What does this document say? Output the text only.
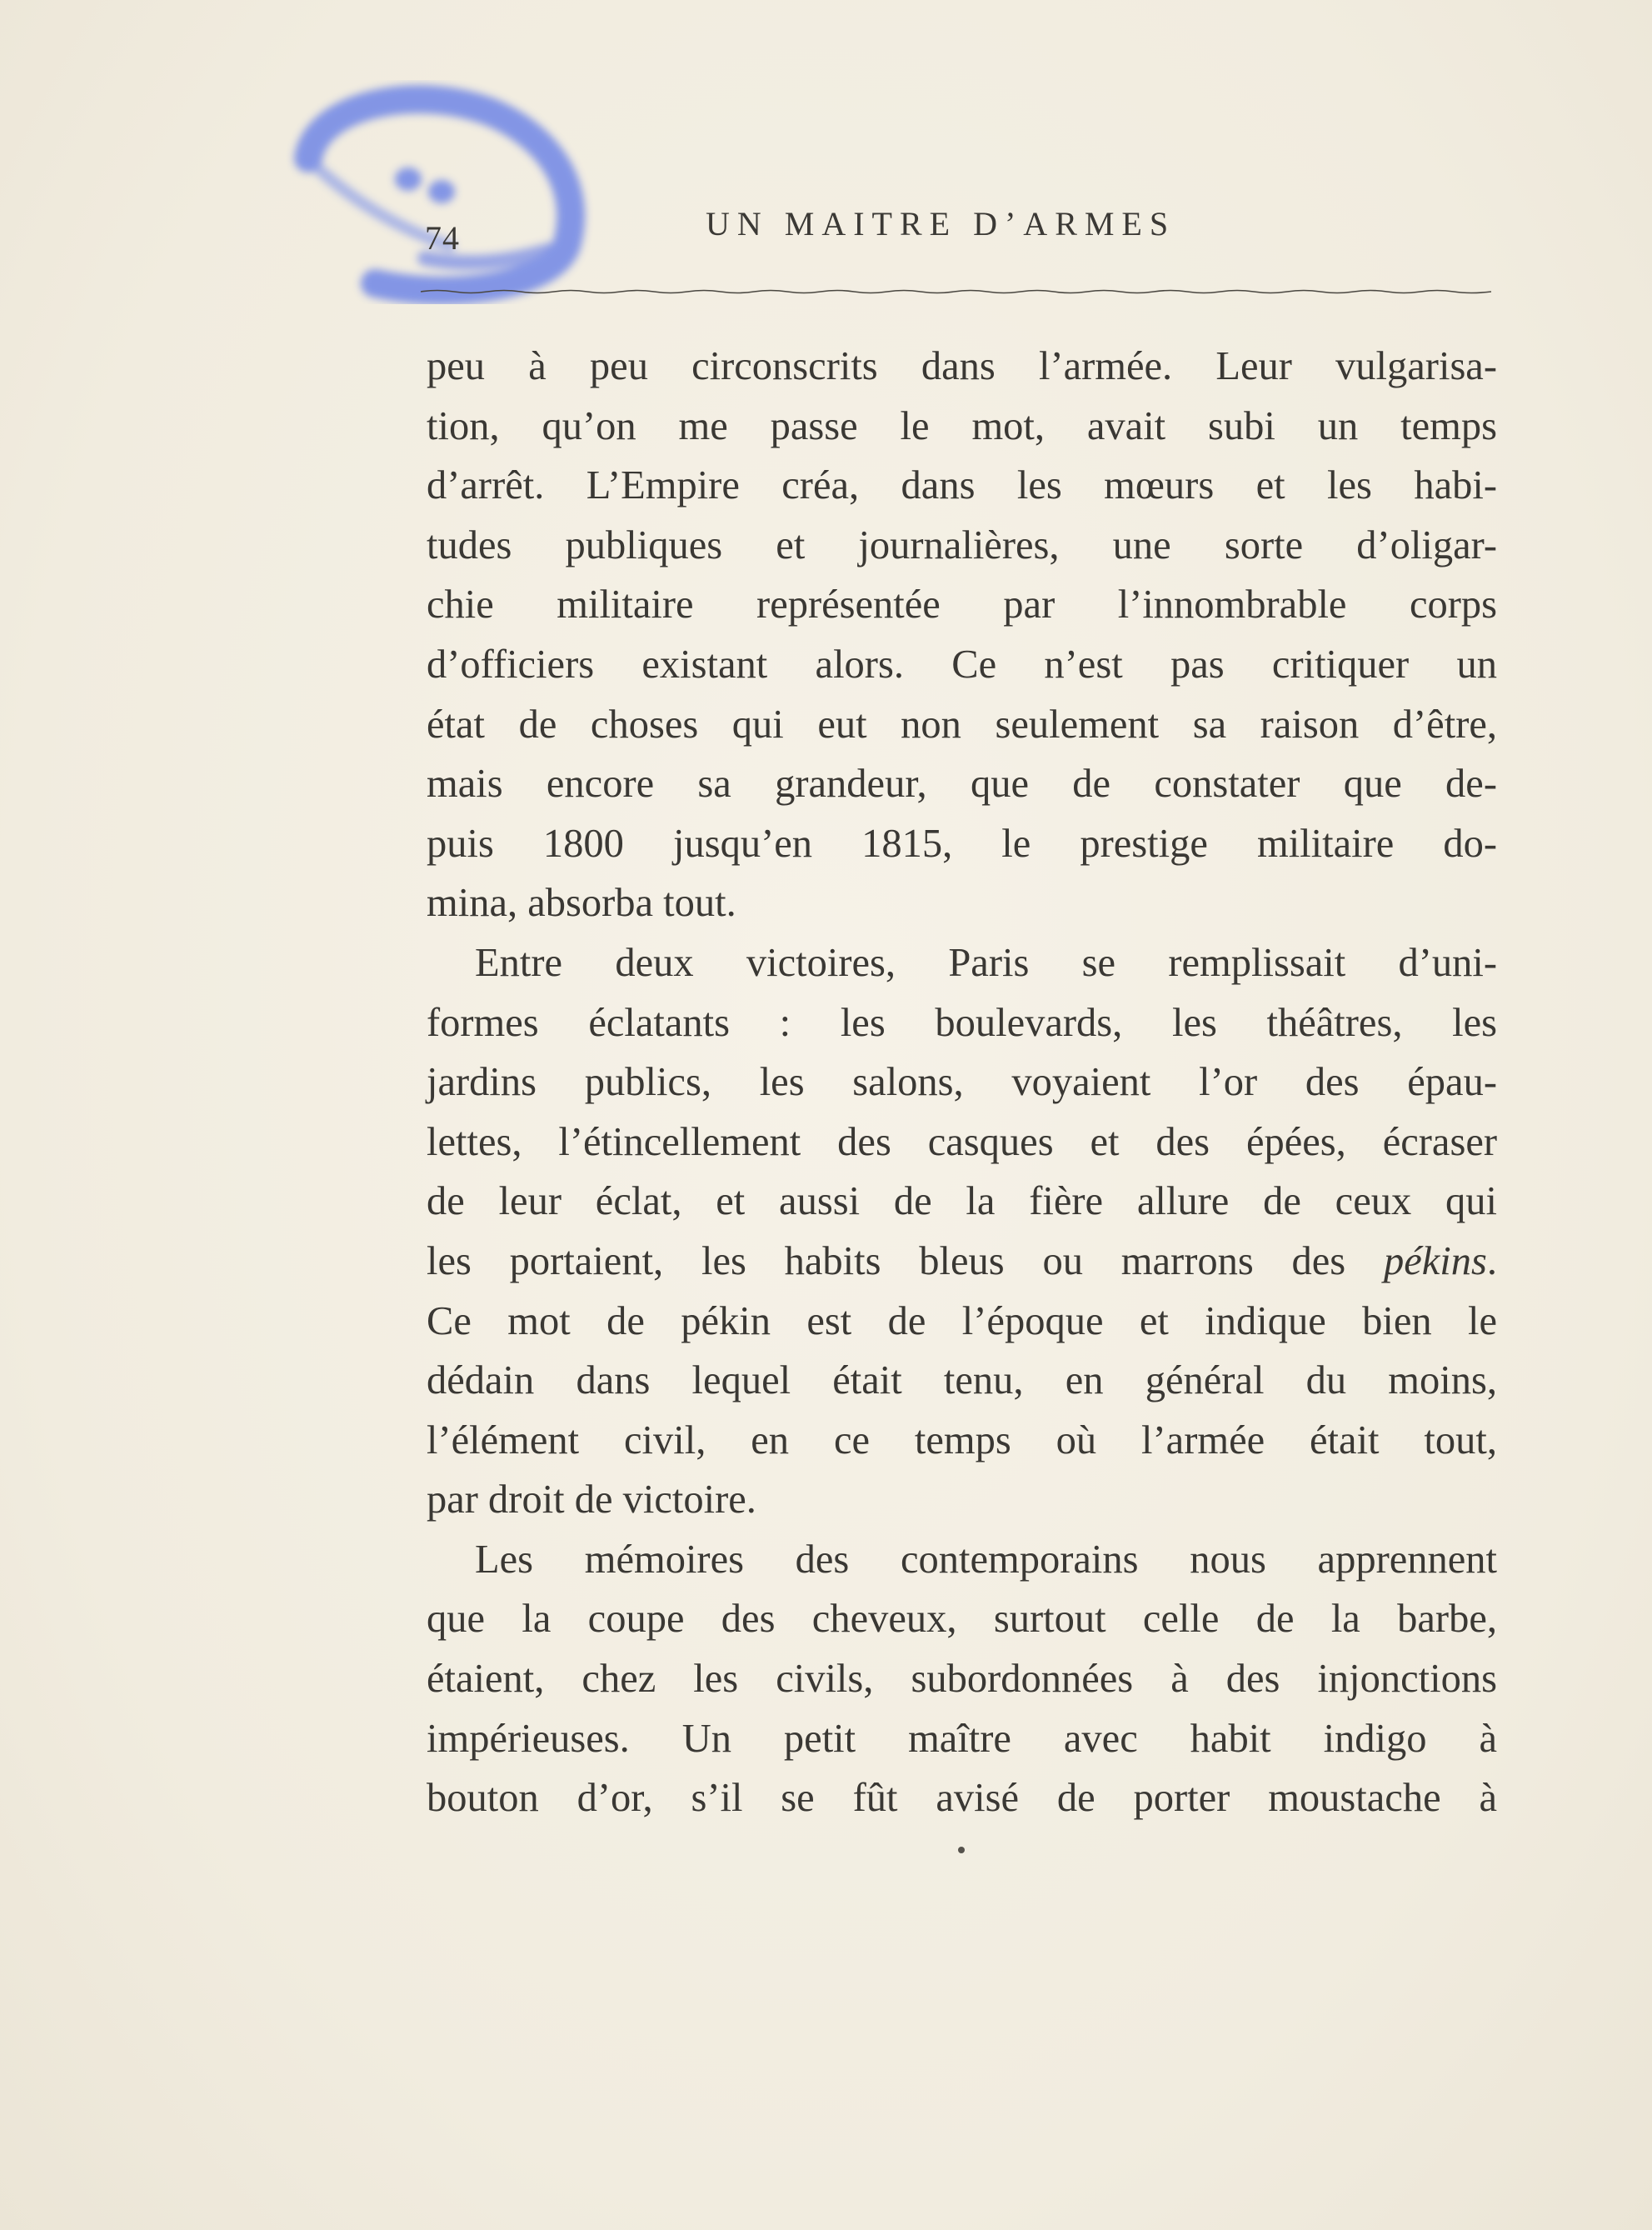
74	UN MAITRE D’ARMES
peu à peu circonscrits dans l’armée. Leur vulgarisa-
tion, qu’on me passe le mot, avait subi un temps
d’arrêt. L’Empire créa, dans les mœurs et les habi-
tudes publiques et journalières, une sorte d’oligar-
chie militaire représentée par l’innombrable corps
d’officiers existant alors. Ce n’est pas critiquer un
état de choses qui eut non seulement sa raison d’être,
mais encore sa grandeur, que de constater que de-
puis 1800 jusqu’en 1815, le prestige militaire do-
mina, absorba tout.
Entre deux victoires, Paris se remplissait d’uni-
formes éclatants : les boulevards, les théâtres, les
jardins publics, les salons, voyaient l’or des épau-
lettes, l’étincellement des casques et des épées, écraser
de leur éclat, et aussi de la fière allure de ceux qui
les portaient, les habits bleus ou marrons des pékins.
Ce mot de pékin est de l’époque et indique bien le
dédain dans lequel était tenu, en général du moins,
l’élément civil, en ce temps où l’armée était tout,
par droit de victoire.
Les mémoires des contemporains nous apprennent
que la coupe des cheveux, surtout celle de la barbe,
étaient, chez les civils, subordonnées à des injonctions
impérieuses. Un petit maître avec habit indigo à
bouton d’or, s’il se fût avisé de porter moustache à
